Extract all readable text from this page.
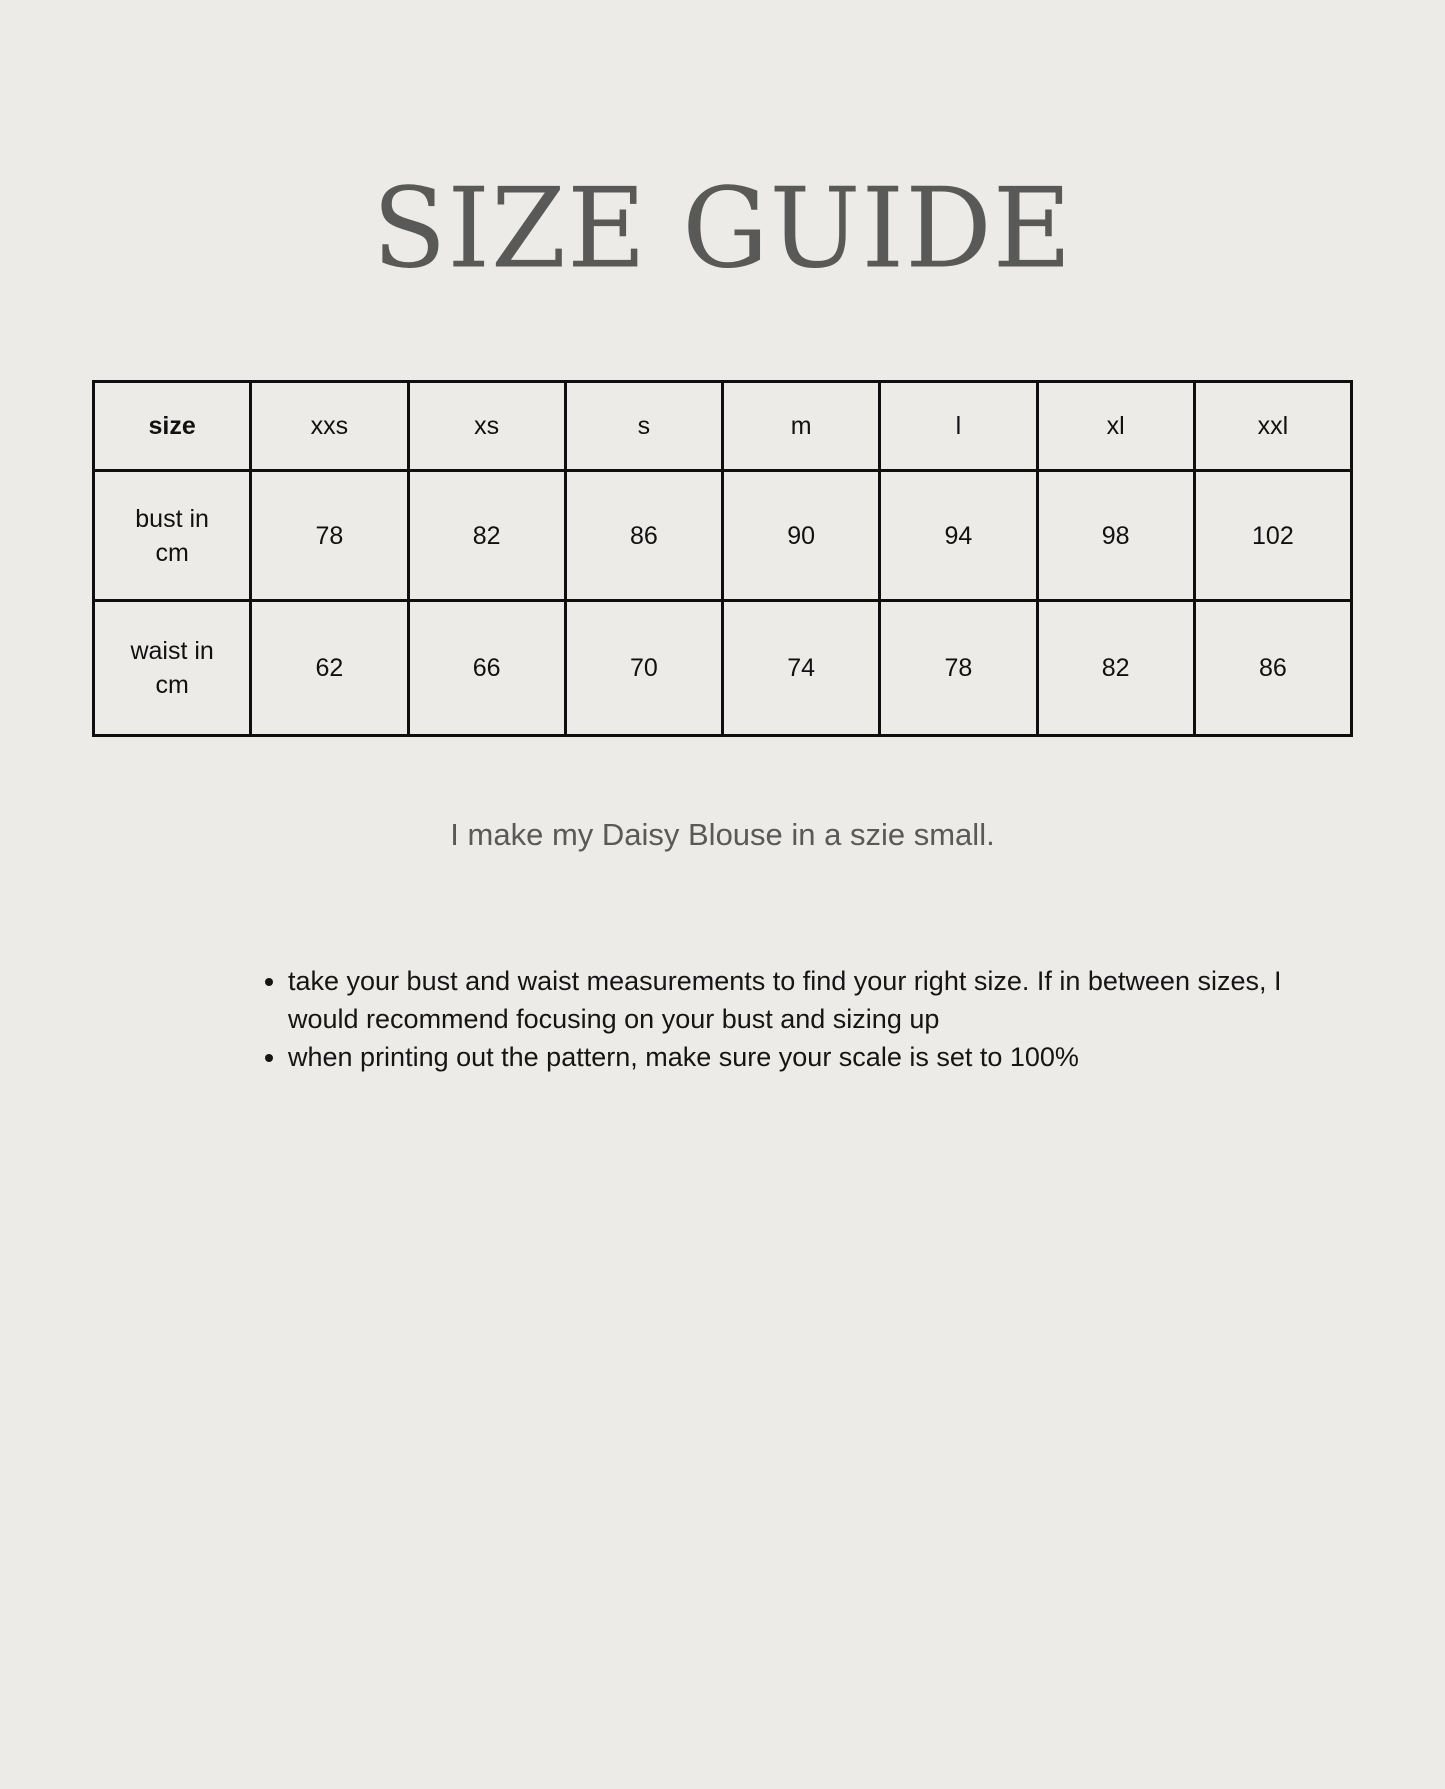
SIZE GUIDE
size	xxs	xs	s	m	l	xl	xxl
bust in
cm	78	82	86	90	94	98	102
waist in
cm	62	66	70	74	78	82	86

I make my Daisy Blouse in a szie small.

• take your bust and waist measurements to find your right size. If in between sizes, I would recommend focusing on your bust and sizing up
• when printing out the pattern, make sure your scale is set to 100%
